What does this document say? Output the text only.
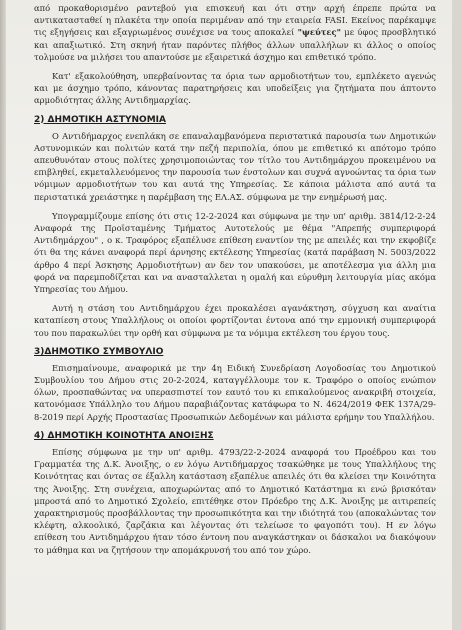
από προκαθορισμένο ραντεβού για επισκευή και ότι στην αρχή έπρεπε πρώτα να αντικατασταθεί η πλακέτα την οποία περιμέναν από την εταιρεία FASI. Εκείνος παρέκαμψε τις εξηγήσεις και εξαγριωμένος συνέχισε να τους αποκαλεί "ψεύτες" με ύφος προσβλητικό και απαξιωτικό. Στη σκηνή ήταν παρόντες πλήθος άλλων υπαλλήλων κι άλλος ο οποίος τολμούσε να μιλήσει του απαντούσε με εξαιρετικά άσχημο και επιθετικό τρόπο.

Κατ' εξακολούθηση, υπερβαίνοντας τα όρια των αρμοδιοτήτων του, εμπλέκετο αγενώς και με άσχημο τρόπο, κάνοντας παρατηρήσεις και υποδείξεις για ζητήματα που άπτοντο αρμοδιότητας άλλης Αντιδημαρχίας.

2) ΔΗΜΟΤΙΚΗ ΑΣΤΥΝΟΜΙΑ

Ο Αντιδήμαρχος ενεπλάκη σε επαναλαμβανόμενα περιστατικά παρουσία των Δημοτικών Αστυνομικών και πολιτών κατά την πεζή περιπολία, όπου με επιθετικό κι απότομο τρόπο απευθυνόταν στους πολίτες χρησιμοποιώντας τον τίτλο του Αντιδημάρχου προκειμένου να επιβληθεί, εκμεταλλευόμενος την παρουσία των ένστολων και συχνά αγνοώντας τα όρια των νόμιμων αρμοδιοτήτων του και αυτά της Υπηρεσίας. Σε κάποια μάλιστα από αυτά τα περιστατικά χρειάστηκε η παρέμβαση της ΕΛ.ΑΣ. σύμφωνα με την ενημέρωσή μας.

Υπογραμμίζουμε επίσης ότι στις 12-2-2024 και σύμφωνα με την υπ' αριθμ. 3814/12-2-24 Αναφορά της Προϊσταμένης Τμήματος Αυτοτελούς με θέμα "Απρεπής συμπεριφορά Αντιδημάρχου" , ο κ. Τραφόρος εξαπέλυσε επίθεση εναντίον της με απειλές και την εκφοβίζε ότι θα της κάνει αναφορά περί άρνησης εκτέλεσης Υπηρεσίας (κατά παράβαση Ν. 5003/2022 άρθρο 4 περί Άσκησης Αρμοδιοτήτων) αν δεν τον υπακούσει, με αποτέλεσμα για άλλη μια φορά να παρεμποδίζεται και να ανασταλλεται η ομαλή και εύρυθμη λειτουργία μίας ακόμα Υπηρεσίας του Δήμου.

Αυτή η στάση του Αντιδημάρχου έχει προκαλέσει αγανάκτηση, σύγχυση και αναίτια καταπίεση στους Υπαλλήλους οι οποίοι φορτίζονται έντονα από την εμμονική συμπεριφορά του που παρακωλύει την ορθή και σύμφωνα με τα νόμιμα εκτέλεση του έργου τους.

3)ΔΗΜΟΤΙΚΟ ΣΥΜΒΟΥΛΙΟ

Επισημαίνουμε, αναφορικά με την 4η Ειδική Συνεδρίαση Λογοδοσίας του Δημοτικού Συμβουλίου του Δήμου στις 20-2-2024, καταγγέλλουμε τον κ. Τραφόρο ο οποίος ενώπιον όλων, προσπαθώντας να υπερασπιστεί τον εαυτό του κι επικαλούμενος ανακριβή στοιχεία, κατονόμασε Υπάλληλο του Δήμου παραβιάζοντας κατάφωρα το Ν. 4624/2019 ΦΕΚ 137Α/29-8-2019 περί Αρχής Προστασίας Προσωπικών Δεδομένων και μάλιστα ερήμην του Υπαλλήλου.

4) ΔΗΜΟΤΙΚΗ ΚΟΙΝΟΤΗΤΑ ΑΝΟΙΞΗΣ

Επίσης σύμφωνα με την υπ' αριθμ. 4793/22-2-2024 αναφορά του Προέδρου και του Γραμματέα της Δ.Κ. Άνοιξης, ο εν λόγω Αντιδήμαρχος τσακώθηκε με τους Υπαλλήλους της Κοινότητας και όντας σε έξαλλη κατάσταση εξαπέλυε απειλές ότι θα κλείσει την Κοινότητα της Άνοιξης. Στη συνέχεια, αποχωρώντας από το Δημοτικό Κατάστημα κι ενώ βρισκόταν μπροστά από το Δημοτικό Σχολείο, επιτέθηκε στον Πρόεδρο της Δ.Κ. Άνοιξης με αιτιρεπείς χαρακτηρισμούς προσβάλλοντας την προσωπικότητα και την ιδιότητά του (αποκαλώντας τον κλέφτη, αλκοολικό, ζαρζάκια και λέγοντας ότι τελείωσε το φαγοπότι του). Η εν λόγω επίθεση του Αντιδημάρχου ήταν τόσο έντονη που αναγκάστηκαν οι δάσκαλοι να διακόψουν το μάθημα και να ζητήσουν την απομάκρυνσή του από τον χώρο.
